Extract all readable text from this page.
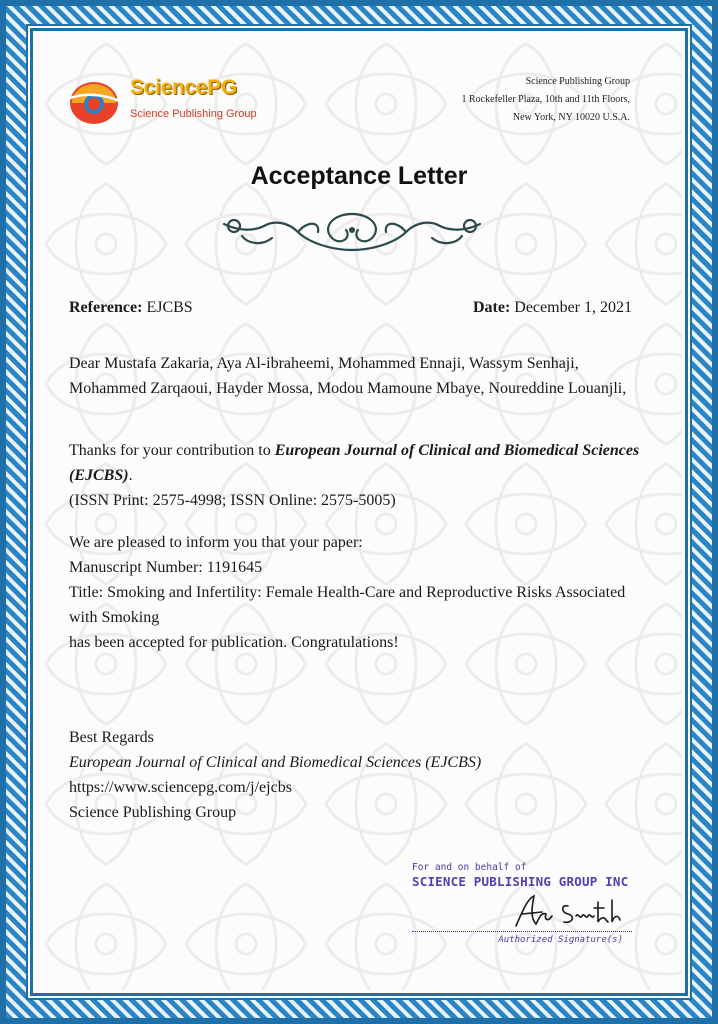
SciencePG
Science Publishing Group
Science Publishing Group
1 Rockefeller Plaza, 10th and 11th Floors,
New York, NY 10020 U.S.A.
Acceptance Letter
Reference: EJCBS	Date: December 1, 2021
Dear Mustafa Zakaria, Aya Al-ibraheemi, Mohammed Ennaji, Wassym Senhaji, Mohammed Zarqaoui, Hayder Mossa, Modou Mamoune Mbaye, Noureddine Louanjli,
Thanks for your contribution to European Journal of Clinical and Biomedical Sciences (EJCBS).
(ISSN Print: 2575-4998; ISSN Online: 2575-5005)
We are pleased to inform you that your paper:
Manuscript Number: 1191645
Title: Smoking and Infertility: Female Health-Care and Reproductive Risks Associated with Smoking
has been accepted for publication. Congratulations!
Best Regards
European Journal of Clinical and Biomedical Sciences (EJCBS)
https://www.sciencepg.com/j/ejcbs
Science Publishing Group
For and on behalf of
SCIENCE PUBLISHING GROUP INC
Authorized Signature(s)
